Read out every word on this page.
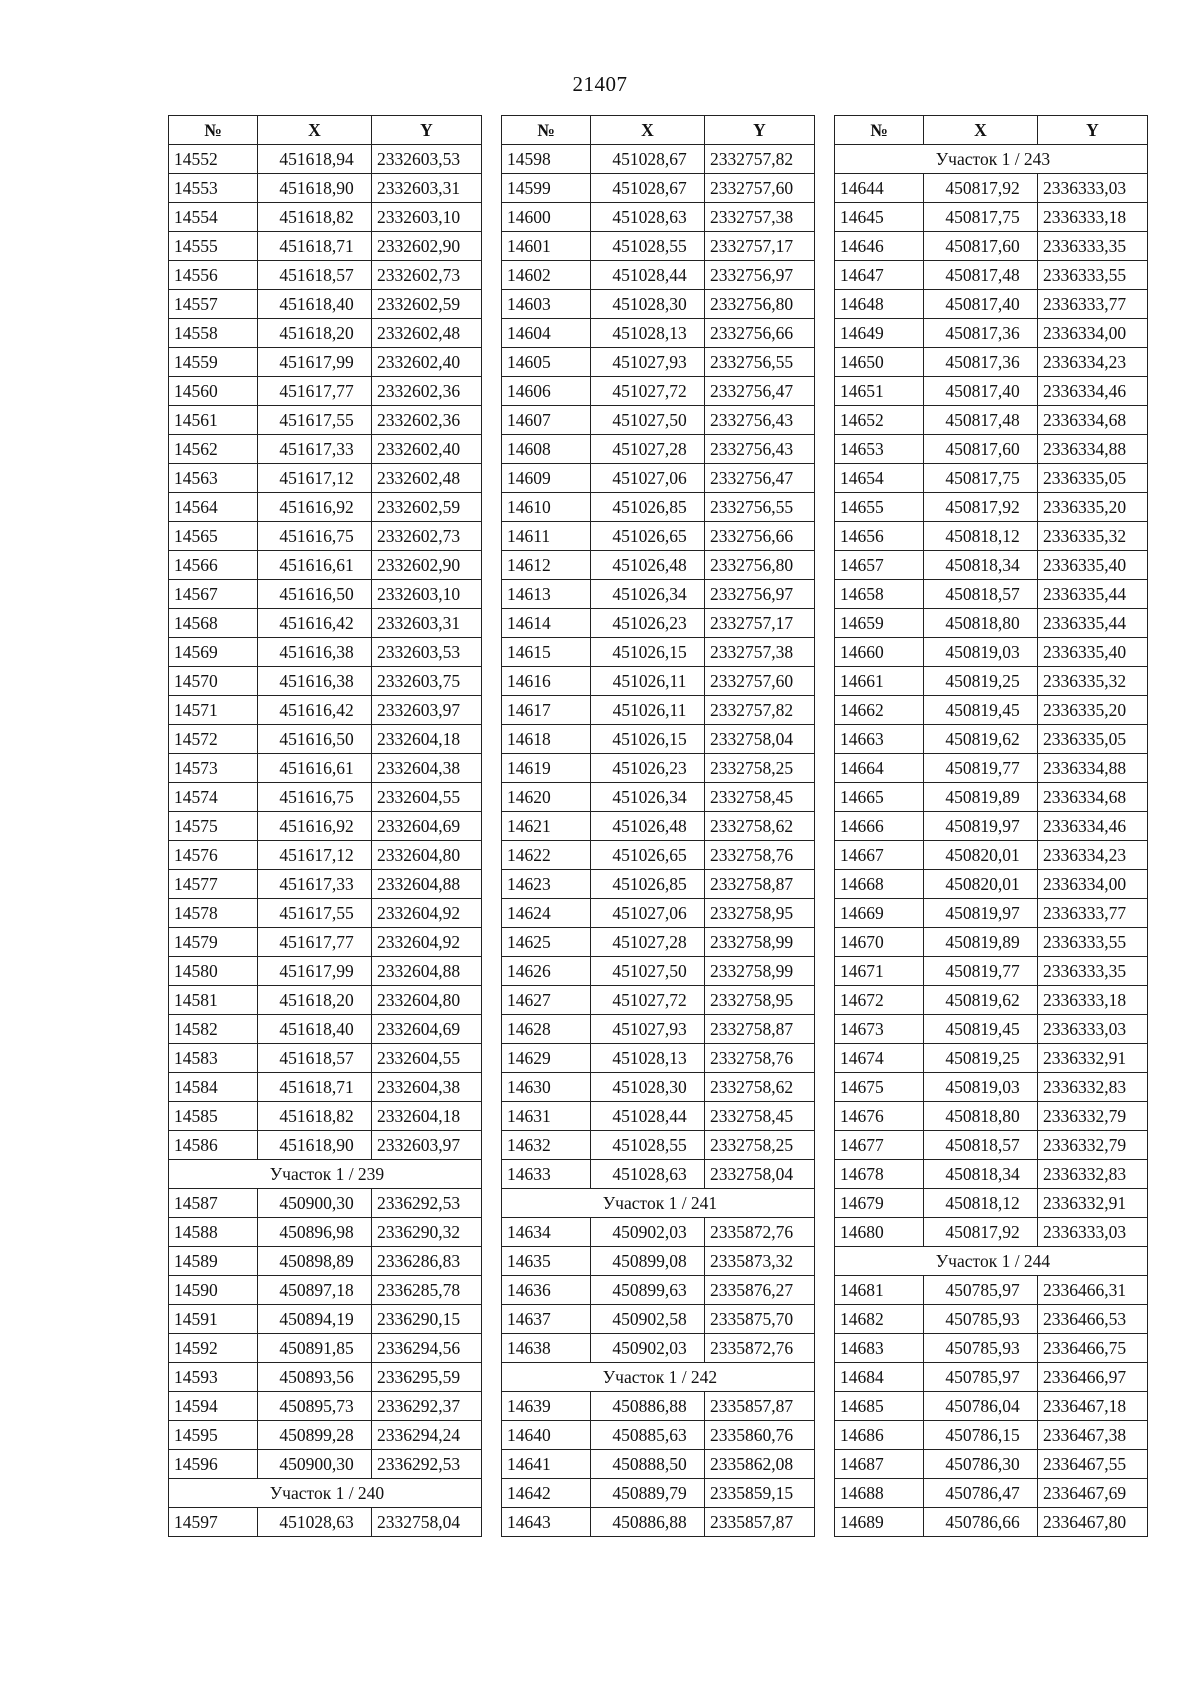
21407
№	X	Y
14552	451618,94	2332603,53
14553	451618,90	2332603,31
14554	451618,82	2332603,10
14555	451618,71	2332602,90
14556	451618,57	2332602,73
14557	451618,40	2332602,59
14558	451618,20	2332602,48
14559	451617,99	2332602,40
14560	451617,77	2332602,36
14561	451617,55	2332602,36
14562	451617,33	2332602,40
14563	451617,12	2332602,48
14564	451616,92	2332602,59
14565	451616,75	2332602,73
14566	451616,61	2332602,90
14567	451616,50	2332603,10
14568	451616,42	2332603,31
14569	451616,38	2332603,53
14570	451616,38	2332603,75
14571	451616,42	2332603,97
14572	451616,50	2332604,18
14573	451616,61	2332604,38
14574	451616,75	2332604,55
14575	451616,92	2332604,69
14576	451617,12	2332604,80
14577	451617,33	2332604,88
14578	451617,55	2332604,92
14579	451617,77	2332604,92
14580	451617,99	2332604,88
14581	451618,20	2332604,80
14582	451618,40	2332604,69
14583	451618,57	2332604,55
14584	451618,71	2332604,38
14585	451618,82	2332604,18
14586	451618,90	2332603,97
Участок 1 / 239		
14587	450900,30	2336292,53
14588	450896,98	2336290,32
14589	450898,89	2336286,83
14590	450897,18	2336285,78
14591	450894,19	2336290,15
14592	450891,85	2336294,56
14593	450893,56	2336295,59
14594	450895,73	2336292,37
14595	450899,28	2336294,24
14596	450900,30	2336292,53
Участок 1 / 240		
14597	451028,63	2332758,04
№	X	Y
14598	451028,67	2332757,82
14599	451028,67	2332757,60
14600	451028,63	2332757,38
14601	451028,55	2332757,17
14602	451028,44	2332756,97
14603	451028,30	2332756,80
14604	451028,13	2332756,66
14605	451027,93	2332756,55
14606	451027,72	2332756,47
14607	451027,50	2332756,43
14608	451027,28	2332756,43
14609	451027,06	2332756,47
14610	451026,85	2332756,55
14611	451026,65	2332756,66
14612	451026,48	2332756,80
14613	451026,34	2332756,97
14614	451026,23	2332757,17
14615	451026,15	2332757,38
14616	451026,11	2332757,60
14617	451026,11	2332757,82
14618	451026,15	2332758,04
14619	451026,23	2332758,25
14620	451026,34	2332758,45
14621	451026,48	2332758,62
14622	451026,65	2332758,76
14623	451026,85	2332758,87
14624	451027,06	2332758,95
14625	451027,28	2332758,99
14626	451027,50	2332758,99
14627	451027,72	2332758,95
14628	451027,93	2332758,87
14629	451028,13	2332758,76
14630	451028,30	2332758,62
14631	451028,44	2332758,45
14632	451028,55	2332758,25
14633	451028,63	2332758,04
Участок 1 / 241		
14634	450902,03	2335872,76
14635	450899,08	2335873,32
14636	450899,63	2335876,27
14637	450902,58	2335875,70
14638	450902,03	2335872,76
Участок 1 / 242		
14639	450886,88	2335857,87
14640	450885,63	2335860,76
14641	450888,50	2335862,08
14642	450889,79	2335859,15
14643	450886,88	2335857,87
№	X	Y
Участок 1 / 243		
14644	450817,92	2336333,03
14645	450817,75	2336333,18
14646	450817,60	2336333,35
14647	450817,48	2336333,55
14648	450817,40	2336333,77
14649	450817,36	2336334,00
14650	450817,36	2336334,23
14651	450817,40	2336334,46
14652	450817,48	2336334,68
14653	450817,60	2336334,88
14654	450817,75	2336335,05
14655	450817,92	2336335,20
14656	450818,12	2336335,32
14657	450818,34	2336335,40
14658	450818,57	2336335,44
14659	450818,80	2336335,44
14660	450819,03	2336335,40
14661	450819,25	2336335,32
14662	450819,45	2336335,20
14663	450819,62	2336335,05
14664	450819,77	2336334,88
14665	450819,89	2336334,68
14666	450819,97	2336334,46
14667	450820,01	2336334,23
14668	450820,01	2336334,00
14669	450819,97	2336333,77
14670	450819,89	2336333,55
14671	450819,77	2336333,35
14672	450819,62	2336333,18
14673	450819,45	2336333,03
14674	450819,25	2336332,91
14675	450819,03	2336332,83
14676	450818,80	2336332,79
14677	450818,57	2336332,79
14678	450818,34	2336332,83
14679	450818,12	2336332,91
14680	450817,92	2336333,03
Участок 1 / 244		
14681	450785,97	2336466,31
14682	450785,93	2336466,53
14683	450785,93	2336466,75
14684	450785,97	2336466,97
14685	450786,04	2336467,18
14686	450786,15	2336467,38
14687	450786,30	2336467,55
14688	450786,47	2336467,69
14689	450786,66	2336467,80
